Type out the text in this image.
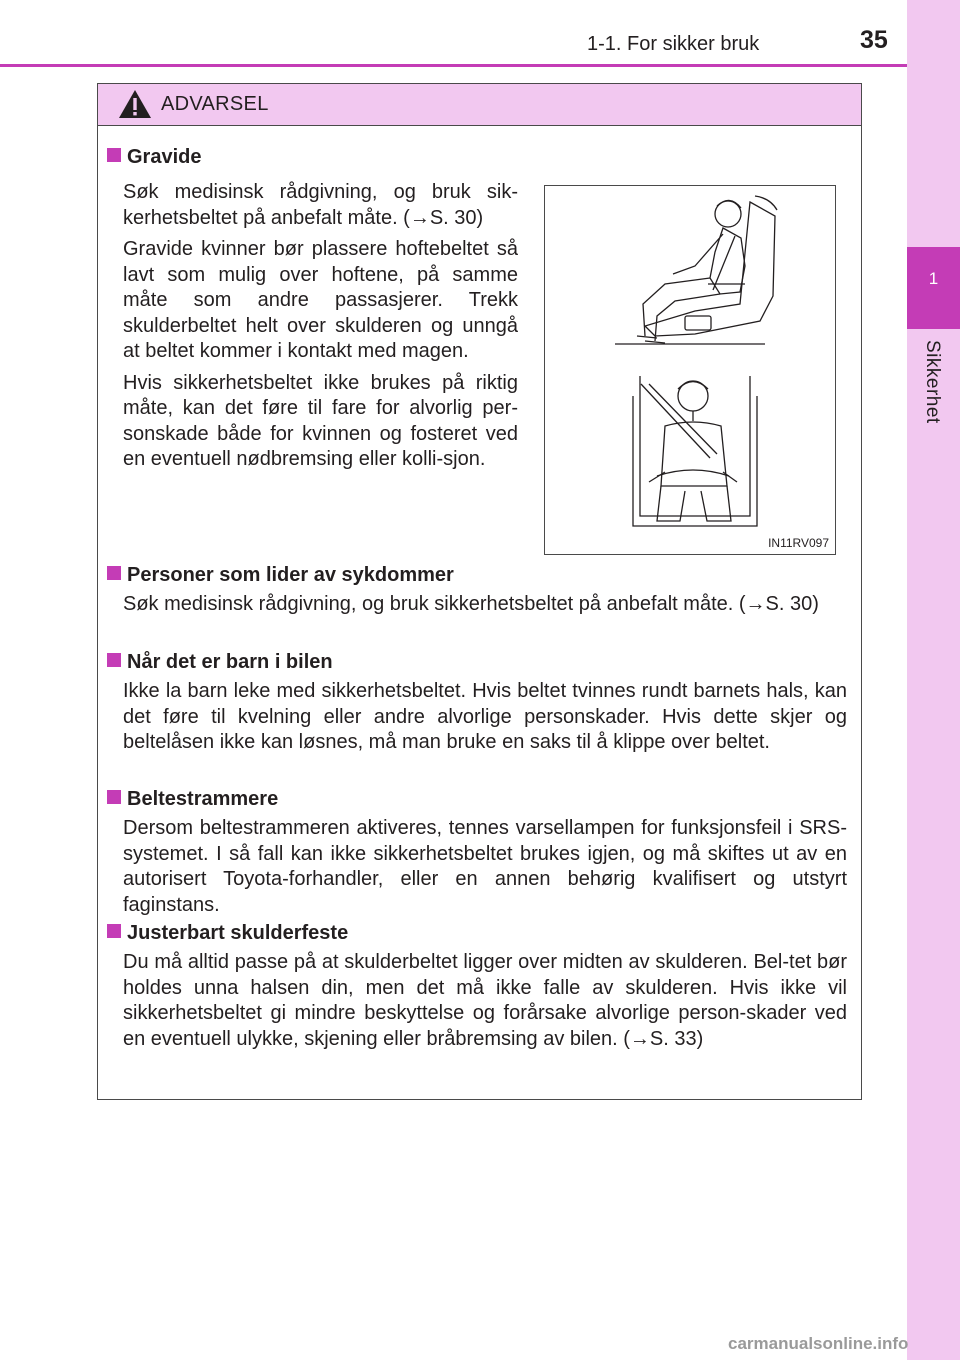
1
Sikkerhet
1-1. For sikker bruk	35
ADVARSEL
Gravide
Søk medisinsk rådgivning, og bruk sik-kerhetsbeltet på anbefalt måte. (→S. 30)
Gravide kvinner bør plassere hoftebeltet så lavt som mulig over hoftene, på samme måte som andre passasjerer. Trekk skulderbeltet helt over skulderen og unngå at beltet kommer i kontakt med magen.
Hvis sikkerhetsbeltet ikke brukes på riktig måte, kan det føre til fare for alvorlig per-sonskade både for kvinnen og fosteret ved en eventuell nødbremsing eller kolli-sjon.
IN11RV097
Personer som lider av sykdommer
Søk medisinsk rådgivning, og bruk sikkerhetsbeltet på anbefalt måte. (→S. 30)
Når det er barn i bilen
Ikke la barn leke med sikkerhetsbeltet. Hvis beltet tvinnes rundt barnets hals, kan det føre til kvelning eller andre alvorlige personskader. Hvis dette skjer og beltelåsen ikke kan løsnes, må man bruke en saks til å klippe over beltet.
Beltestrammere
Dersom beltestrammeren aktiveres, tennes varsellampen for funksjonsfeil i SRS-systemet. I så fall kan ikke sikkerhetsbeltet brukes igjen, og må skiftes ut av en autorisert Toyota-forhandler, eller en annen behørig kvalifisert og utstyrt faginstans.
Justerbart skulderfeste
Du må alltid passe på at skulderbeltet ligger over midten av skulderen. Bel-tet bør holdes unna halsen din, men det må ikke falle av skulderen. Hvis ikke vil sikkerhetsbeltet gi mindre beskyttelse og forårsake alvorlige person-skader ved en eventuell ulykke, skjening eller bråbremsing av bilen. (→S. 33)
carmanualsonline.info
